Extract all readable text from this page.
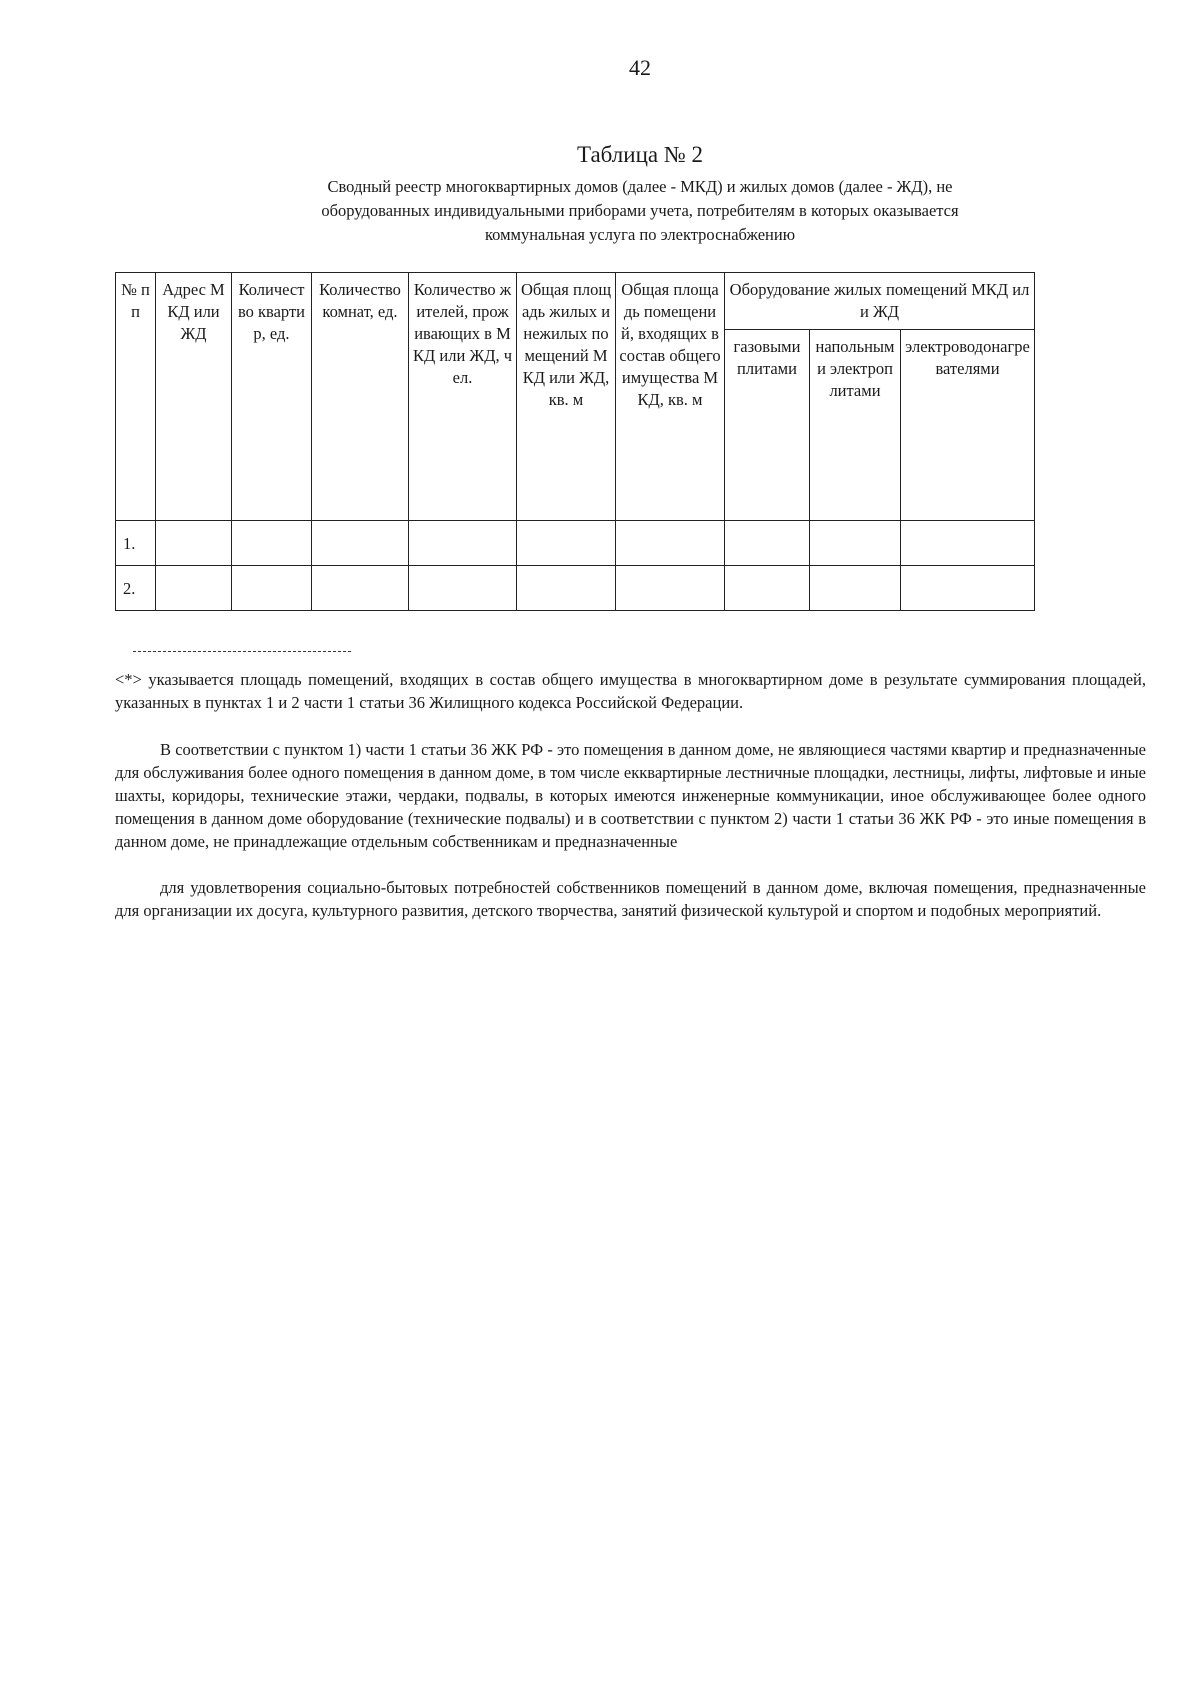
42
Таблица № 2
Сводный реестр многоквартирных домов (далее - МКД) и жилых домов (далее - ЖД), не оборудованных индивидуальными приборами учета, потребителям в которых оказывается коммунальная услуга по электроснабжению
№ пп	Адрес МКД или ЖД	Количество квартир, ед.	Количество комнат, ед.	Количество жителей, проживающих в МКД или ЖД, чел.	Общая площадь жилых и нежилых помещений МКД или ЖД, кв. м	Общая площадь помещений, входящих в состав общего имущества МКД, кв. м	Оборудование жилых помещений МКД или ЖД		
							газовыми плитами	напольными электроплитами	электроводонагревателями
1.									
2.									

<*> указывается площадь помещений, входящих в состав общего имущества в многоквартирном доме в результате суммирования площадей, указанных в пунктах 1 и 2 части 1 статьи 36 Жилищного кодекса Российской Федерации.

В соответствии с пунктом 1) части 1 статьи 36 ЖК РФ - это помещения в данном доме, не являющиеся частями квартир и предназначенные для обслуживания более одного помещения в данном доме, в том числе екквартирные лестничные площадки, лестницы, лифты, лифтовые и иные шахты, коридоры, технические этажи, чердаки, подвалы, в которых имеются инженерные коммуникации, иное обслуживающее более одного помещения в данном доме оборудование (технические подвалы) и в соответствии с пунктом 2) части 1 статьи 36 ЖК РФ - это иные помещения в данном доме, не принадлежащие отдельным собственникам и предназначенные

для удовлетворения социально-бытовых потребностей собственников помещений в данном доме, включая помещения, предназначенные для организации их досуга, культурного развития, детского творчества, занятий физической культурой и спортом и подобных мероприятий.
